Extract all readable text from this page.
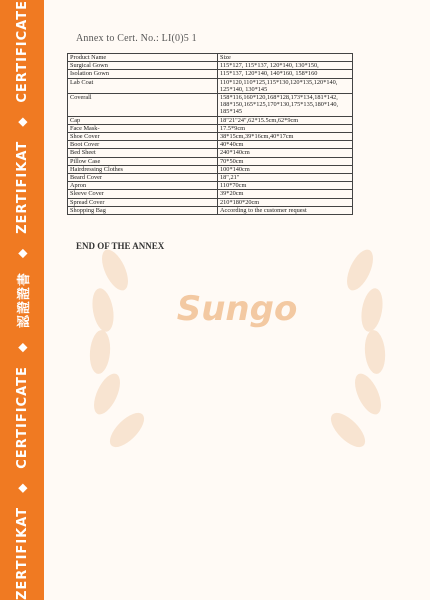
ZERTIFIKAT
◆
CERTIFICATE
◆
認證證書
◆
ZERTIFIKAT
◆
CERTIFICATE
Sungo
Annex to Cert. No.: LI(0)5 1
Product Name	Size
Surgical Gown	115*127, 115*137, 120*140, 130*150,
Isolation Gown	115*137, 120*140, 140*160, 158*160
Lab Coat	110*120,110*125,115*130,120*135,120*140, 125*140, 130*145
Coverall	158*116,160*120,168*128,173*134,181*142, 188*150,165*125,170*130,175*135,180*140, 185*145
Cap	18"21"24",62*15.5cm,62*9cm
Face Mask-	17.5*9cm
Shoe Cover	38*15cm,39*16cm,40*17cm
Boot Cover	40*40cm
Bed Sheet	240*140cm
Pillow Case	70*50cm
Hairdressing Clothes	100*140cm
Beard Cover	18",21"
Apron	110*70cm
Sleeve Cover	39*20cm
Spread Cover	210*180*20cm
Shopping Bag	According to the customer request
END OF THE ANNEX
